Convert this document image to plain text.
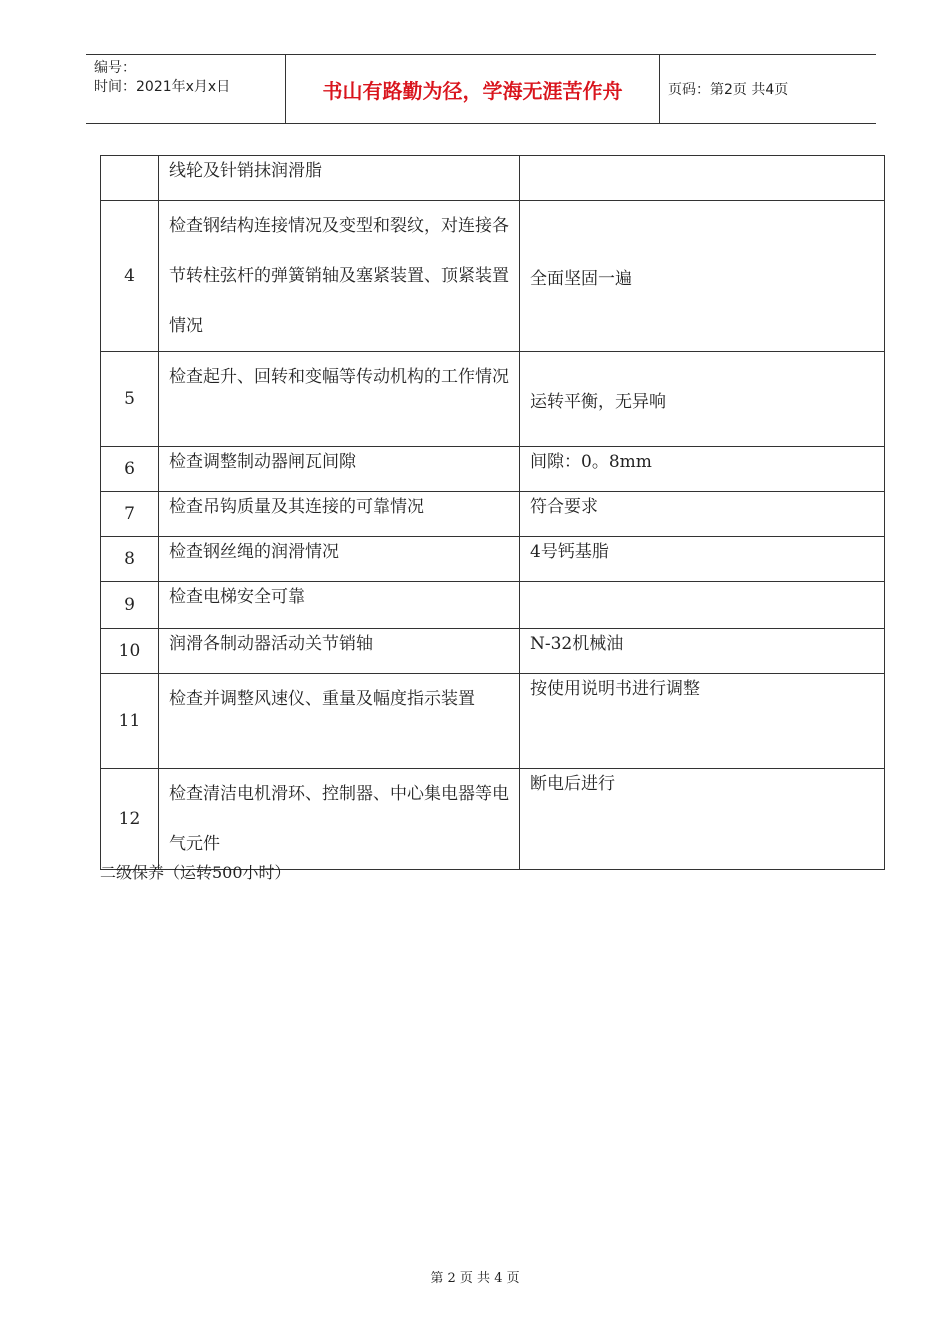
编号：
时间：2021年x月x日	书山有路勤为径，学海无涯苦作舟	页码：第2页 共4页
	线轮及针销抹润滑脂	
4	检查钢结构连接情况及变型和裂纹，对连接各节转柱弦杆的弹簧销轴及塞紧装置、顶紧装置情况	全面坚固一遍
5	检查起升、回转和变幅等传动机构的工作情况	运转平衡，无异响
6	检查调整制动器闸瓦间隙	间隙：0。8mm
7	检查吊钩质量及其连接的可靠情况	符合要求
8	检查钢丝绳的润滑情况	4号钙基脂
9	检查电梯安全可靠	
10	润滑各制动器活动关节销轴	N-32机械油
11	检查并调整风速仪、重量及幅度指示装置	按使用说明书进行调整
12	检查清洁电机滑环、控制器、中心集电器等电气元件	断电后进行
二级保养（运转500小时）
第 2 页 共 4 页
